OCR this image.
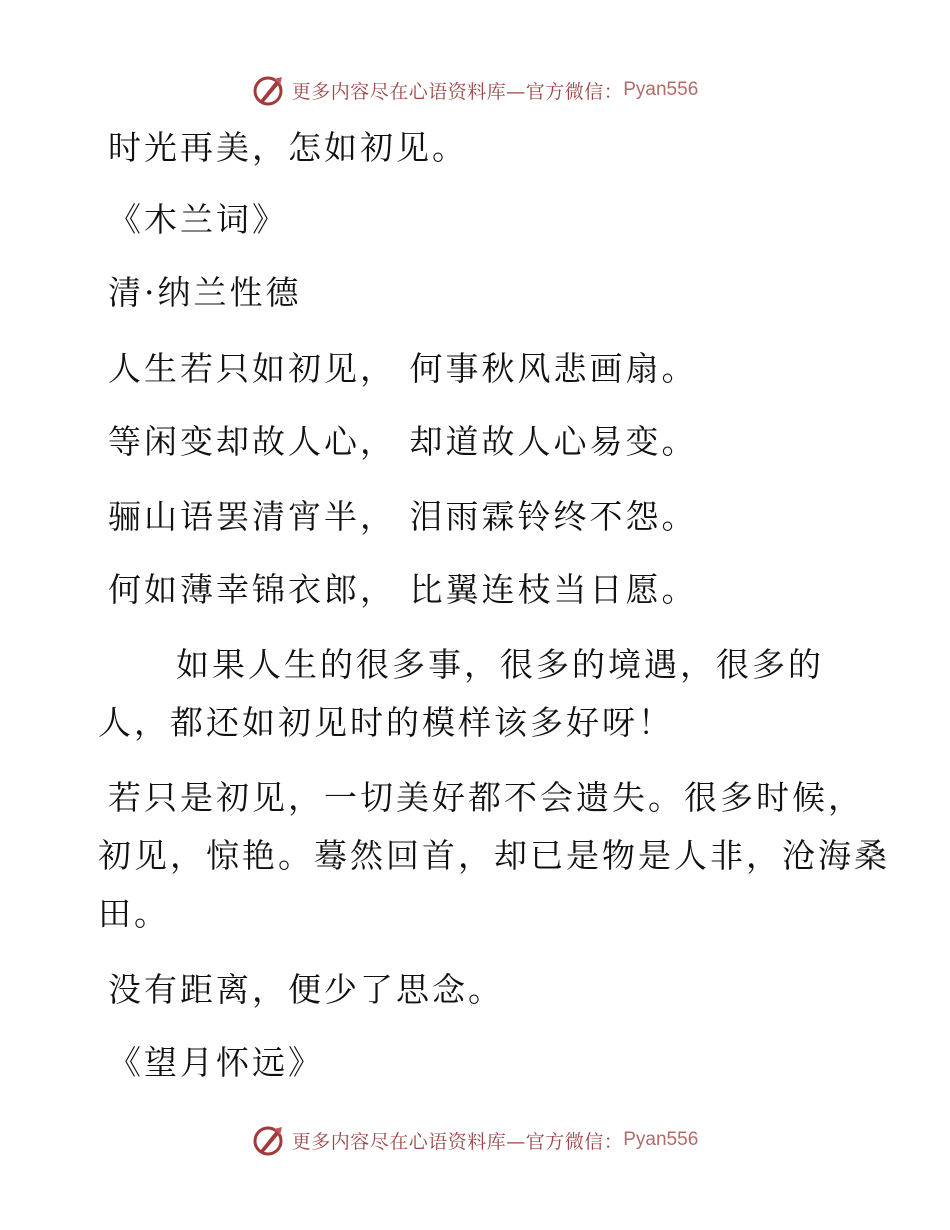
更多内容尽在心语资料库—官方微信： Pyan556
时光再美，怎如初见。
《木兰词》
清·纳兰性德
人生若只如初见， 何事秋风悲画扇。
等闲变却故人心， 却道故人心易变。
骊山语罢清宵半， 泪雨霖铃终不怨。
何如薄幸锦衣郎， 比翼连枝当日愿。
如果人生的很多事，很多的境遇，很多的
人，都还如初见时的模样该多好呀！
若只是初见，一切美好都不会遗失。很多时候，
初见，惊艳。蓦然回首，却已是物是人非，沧海桑
田。
没有距离，便少了思念。
《望月怀远》
更多内容尽在心语资料库—官方微信： Pyan556
